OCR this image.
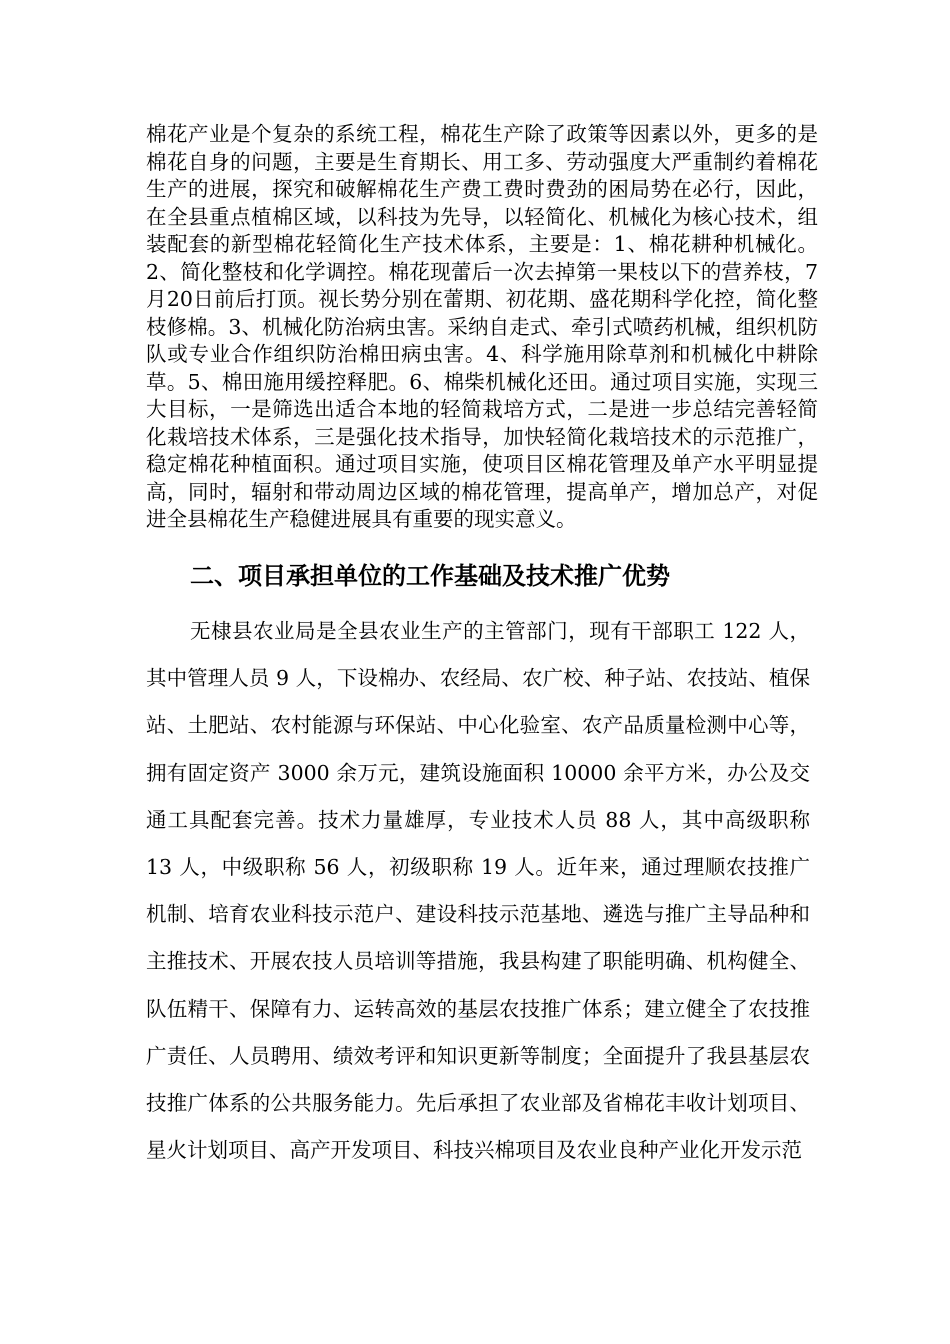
棉花产业是个复杂的系统工程，棉花生产除了政策等因素以外，更多的是棉花自身的问题，主要是生育期长、用工多、劳动强度大严重制约着棉花生产的进展，探究和破解棉花生产费工费时费劲的困局势在必行，因此，在全县重点植棉区域，以科技为先导，以轻简化、机械化为核心技术，组装配套的新型棉花轻简化生产技术体系，主要是：1、棉花耕种机械化。2、简化整枝和化学调控。棉花现蕾后一次去掉第一果枝以下的营养枝，7月20日前后打顶。视长势分别在蕾期、初花期、盛花期科学化控，简化整枝修棉。3、机械化防治病虫害。采纳自走式、牵引式喷药机械，组织机防队或专业合作组织防治棉田病虫害。4、科学施用除草剂和机械化中耕除草。5、棉田施用缓控释肥。6、棉柴机械化还田。通过项目实施，实现三大目标，一是筛选出适合本地的轻简栽培方式，二是进一步总结完善轻简化栽培技术体系，三是强化技术指导，加快轻简化栽培技术的示范推广，稳定棉花种植面积。通过项目实施，使项目区棉花管理及单产水平明显提高，同时，辐射和带动周边区域的棉花管理，提高单产，增加总产，对促进全县棉花生产稳健进展具有重要的现实意义。

二、项目承担单位的工作基础及技术推广优势

无棣县农业局是全县农业生产的主管部门，现有干部职工 122 人，其中管理人员 9 人，下设棉办、农经局、农广校、种子站、农技站、植保站、土肥站、农村能源与环保站、中心化验室、农产品质量检测中心等，拥有固定资产 3000 余万元，建筑设施面积 10000 余平方米，办公及交通工具配套完善。技术力量雄厚，专业技术人员 88 人，其中高级职称 13 人，中级职称 56 人，初级职称 19 人。近年来，通过理顺农技推广机制、培育农业科技示范户、建设科技示范基地、遴选与推广主导品种和主推技术、开展农技人员培训等措施，我县构建了职能明确、机构健全、队伍精干、保障有力、运转高效的基层农技推广体系；建立健全了农技推广责任、人员聘用、绩效考评和知识更新等制度；全面提升了我县基层农技推广体系的公共服务能力。先后承担了农业部及省棉花丰收计划项目、星火计划项目、高产开发项目、科技兴棉项目及农业良种产业化开发示范
